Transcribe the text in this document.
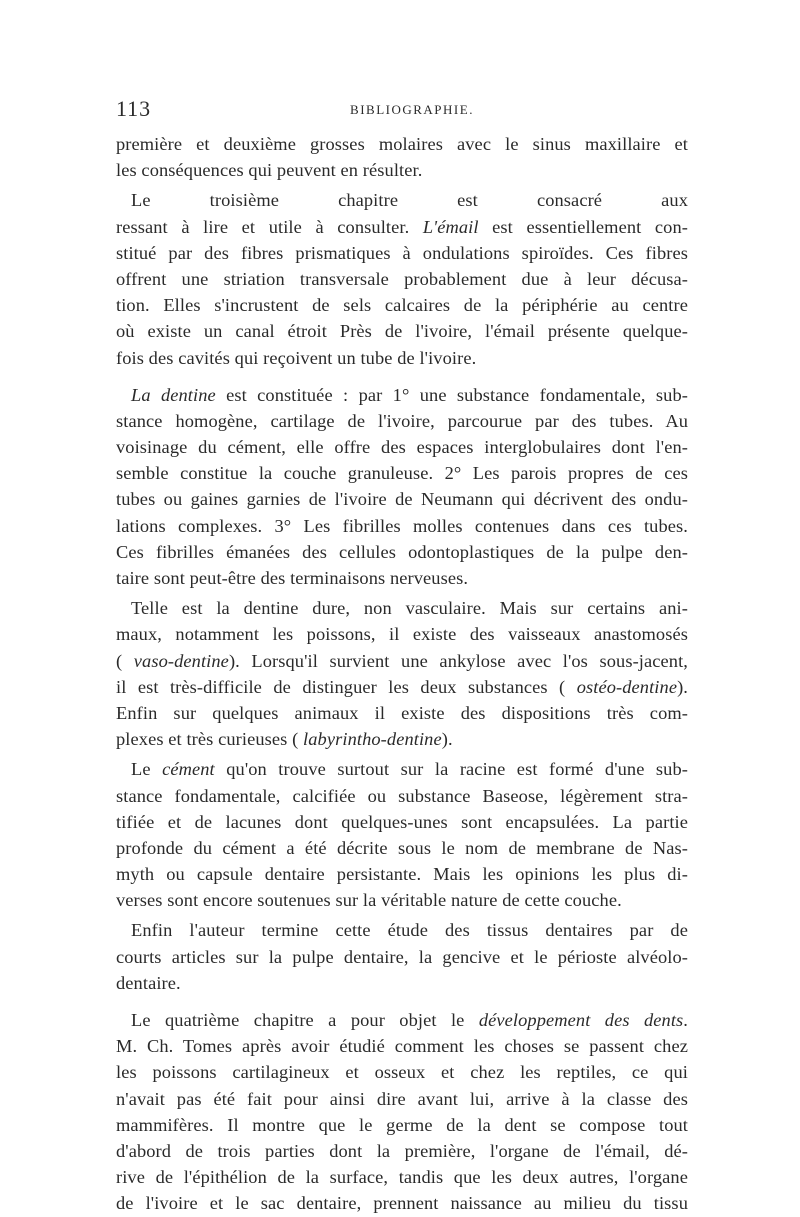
113	BIBLIOGRAPHIE.
première et deuxième grosses molaires avec le sinus maxillaire et
les conséquences qui peuvent en résulter.
Le troisième chapitre est consacré aux
ressant à lire et utile à consulter. L'émail est essentiellement con-
stitué par des fibres prismatiques à ondulations spiroïdes. Ces fibres
offrent une striation transversale probablement due à leur décusa-
tion. Elles s'incrustent de sels calcaires de la périphérie au centre
où existe un canal étroit Près de l'ivoire, l'émail présente quelque-
fois des cavités qui reçoivent un tube de l'ivoire.
La dentine est constituée : par 1° une substance fondamentale, sub-
stance homogène, cartilage de l'ivoire, parcourue par des tubes. Au
voisinage du cément, elle offre des espaces interglobulaires dont l'en-
semble constitue la couche granuleuse. 2° Les parois propres de ces
tubes ou gaines garnies de l'ivoire de Neumann qui décrivent des ondu-
lations complexes. 3° Les fibrilles molles contenues dans ces tubes.
Ces fibrilles émanées des cellules odontoplastiques de la pulpe den-
taire sont peut-être des terminaisons nerveuses.
Telle est la dentine dure, non vasculaire. Mais sur certains ani-
maux, notamment les poissons, il existe des vaisseaux anastomosés
( vaso-dentine). Lorsqu'il survient une ankylose avec l'os sous-jacent,
il est très-difficile de distinguer les deux substances ( ostéo-dentine).
Enfin sur quelques animaux il existe des dispositions très com-
plexes et très curieuses ( labyrintho-dentine).
Le cément qu'on trouve surtout sur la racine est formé d'une sub-
stance fondamentale, calcifiée ou substance Baseose, légèrement stra-
tifiée et de lacunes dont quelques-unes sont encapsulées. La partie
profonde du cément a été décrite sous le nom de membrane de Nas-
myth ou capsule dentaire persistante. Mais les opinions les plus di-
verses sont encore soutenues sur la véritable nature de cette couche.
Enfin l'auteur termine cette étude des tissus dentaires par de
courts articles sur la pulpe dentaire, la gencive et le périoste alvéolo-
dentaire.
Le quatrième chapitre a pour objet le développement des dents.
M. Ch. Tomes après avoir étudié comment les choses se passent chez
les poissons cartilagineux et osseux et chez les reptiles, ce qui
n'avait pas été fait pour ainsi dire avant lui, arrive à la classe des
mammifères. Il montre que le germe de la dent se compose tout
d'abord de trois parties dont la première, l'organe de l'émail, dé-
rive de l'épithélion de la surface, tandis que les deux autres, l'organe
de l'ivoire et le sac dentaire, prennent naissance au milieu du tissu
